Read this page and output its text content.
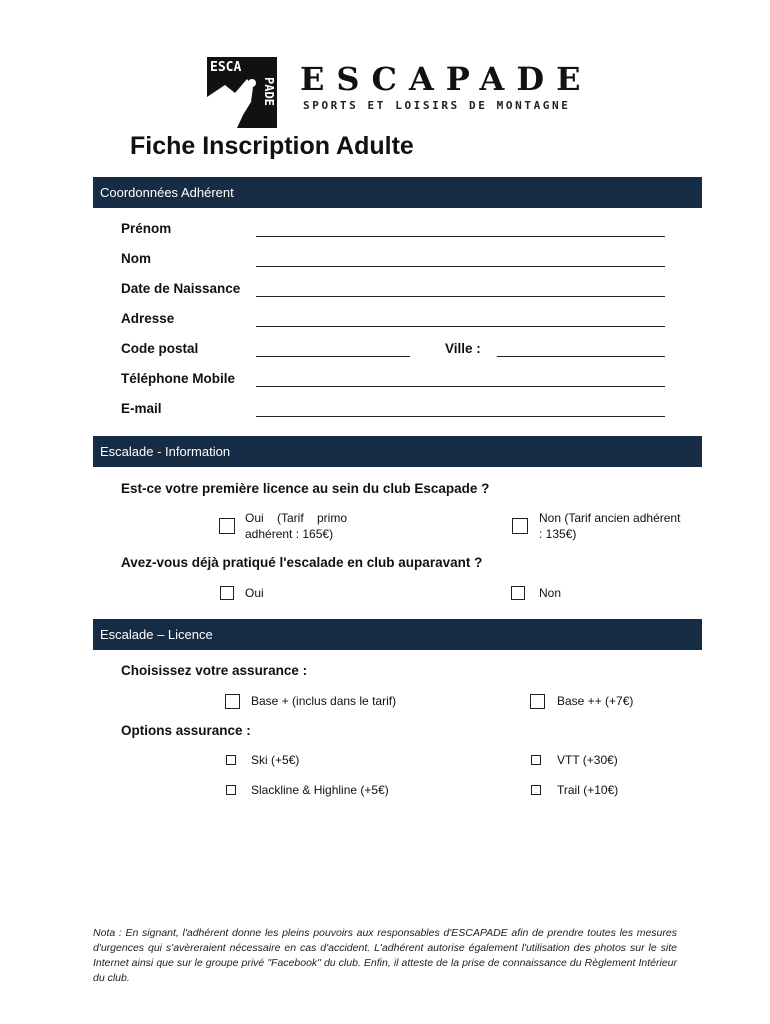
ESCA
PADE ESCAPADE
SPORTS ET LOISIRS DE MONTAGNE
Fiche Inscription Adulte
Coordonnées Adhérent
Prénom
Nom
Date de Naissance
Adresse
Code postal	Ville :
Téléphone Mobile
E-mail
Escalade - Information
Est-ce votre première licence au sein du club Escapade ?
Oui    (Tarif    primo
adhérent : 165€)
Non (Tarif ancien adhérent
: 135€)
Avez-vous déjà pratiqué l'escalade en club auparavant ?
Oui	Non
Escalade – Licence
Choisissez votre assurance :
Base + (inclus dans le tarif)	Base ++ (+7€)
Options assurance :
Ski (+5€)	VTT (+30€)
Slackline & Highline (+5€)	Trail (+10€)
Nota : En signant, l'adhérent donne les pleins pouvoirs aux responsables d'ESCAPADE afin de prendre toutes les mesures d'urgences qui s'avèreraient nécessaire en cas d'accident. L'adhérent autorise également l'utilisation des photos sur le site Internet ainsi que sur le groupe privé "Facebook" du club. Enfin, il atteste de la prise de connaissance du Règlement Intérieur du club.
